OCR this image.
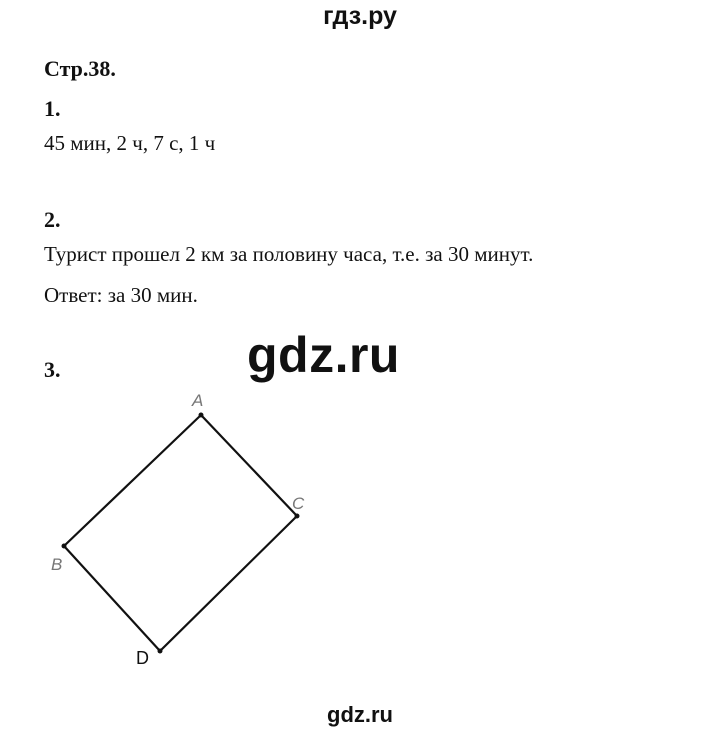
гдз.ру
Стр.38.
1.
45 мин, 2 ч, 7 с, 1 ч
2.
Турист прошел 2 км за половину часа, т.е. за 30 минут.
Ответ: за 30 мин.
3.	gdz.ru
A
C
B
D
gdz.ru
